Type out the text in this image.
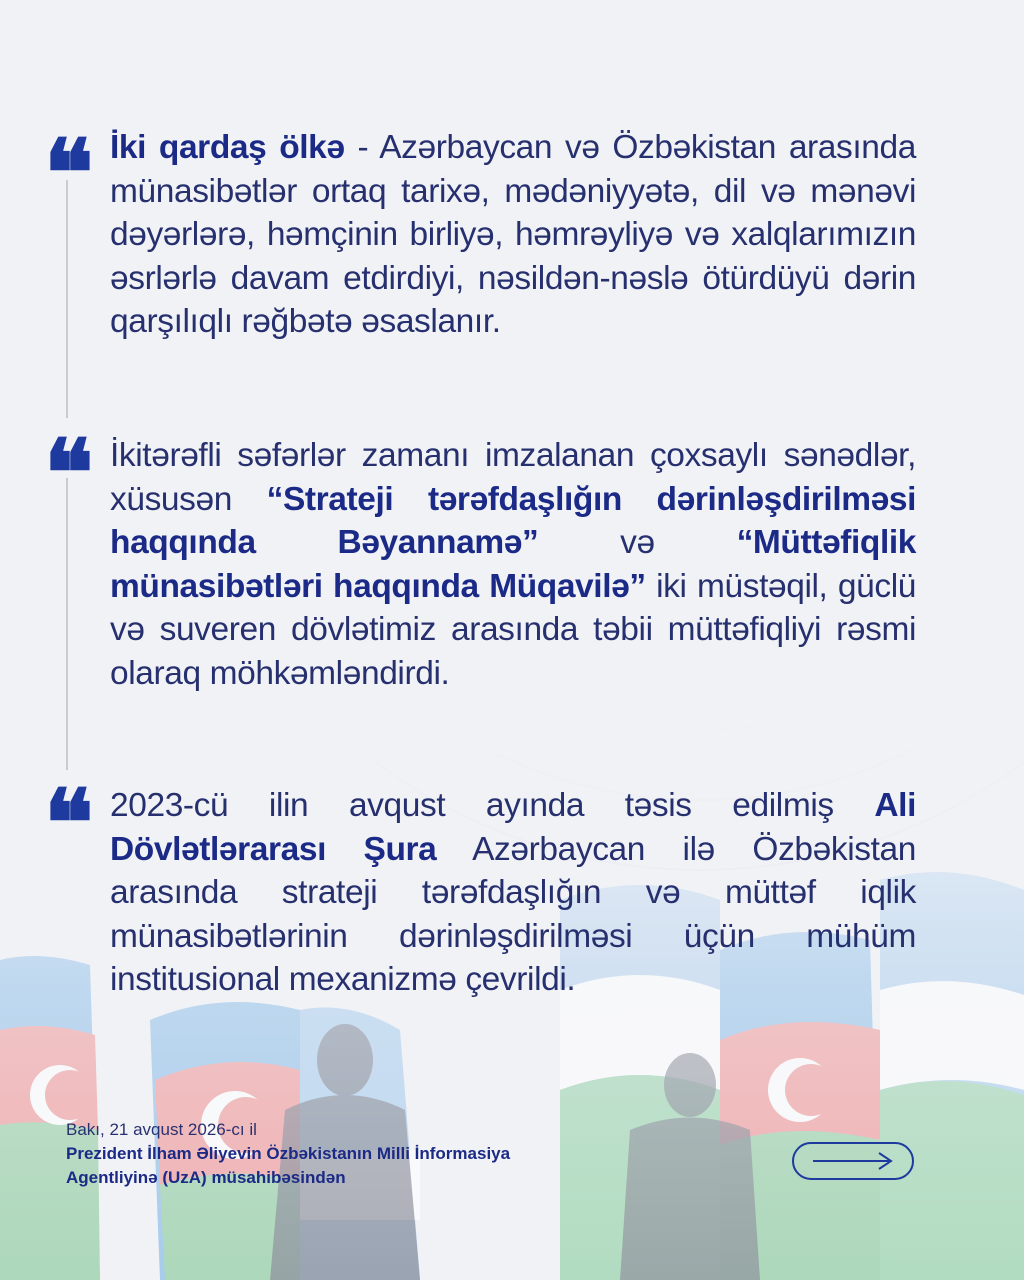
İki qardaş ölkə - Azərbaycan və Özbəkistan arasında münasibətlər ortaq tarixə, mədəniyyətə, dil və mənəvi dəyərlərə, həmçinin birliyə, həmrəyliyə və xalqlarımızın əsrlərlə davam etdirdiyi, nəsildən-nəslə ötürdüyü dərin qarşılıqlı rəğbətə əsaslanır.
İkitərəfli səfərlər zamanı imzalanan çoxsaylı sənədlər, xüsusən “Strateji tərəfdaşlığın dərinləşdirilməsi haqqında Bəyannamə” və “Müttəfiqlik münasibətləri haqqında Müqavilə” iki müstəqil, güclü və suveren dövlətimiz arasında təbii müttəfiqliyi rəsmi olaraq möhkəmləndirdi.
2023-cü ilin avqust ayında təsis edilmiş Ali Dövlətlərarası Şura Azərbaycan ilə Özbəkistan arasında strateji tərəfdaşlığın və müttəf iqlik münasibətlərinin dərinləşdirilməsi üçün mühüm institusional mexanizmə çevrildi.
Bakı, 21 avqust 2026-cı il
Prezident İlham Əliyevin Özbəkistanın Milli İnformasiya Agentliyinə (UzA) müsahibəsindən
